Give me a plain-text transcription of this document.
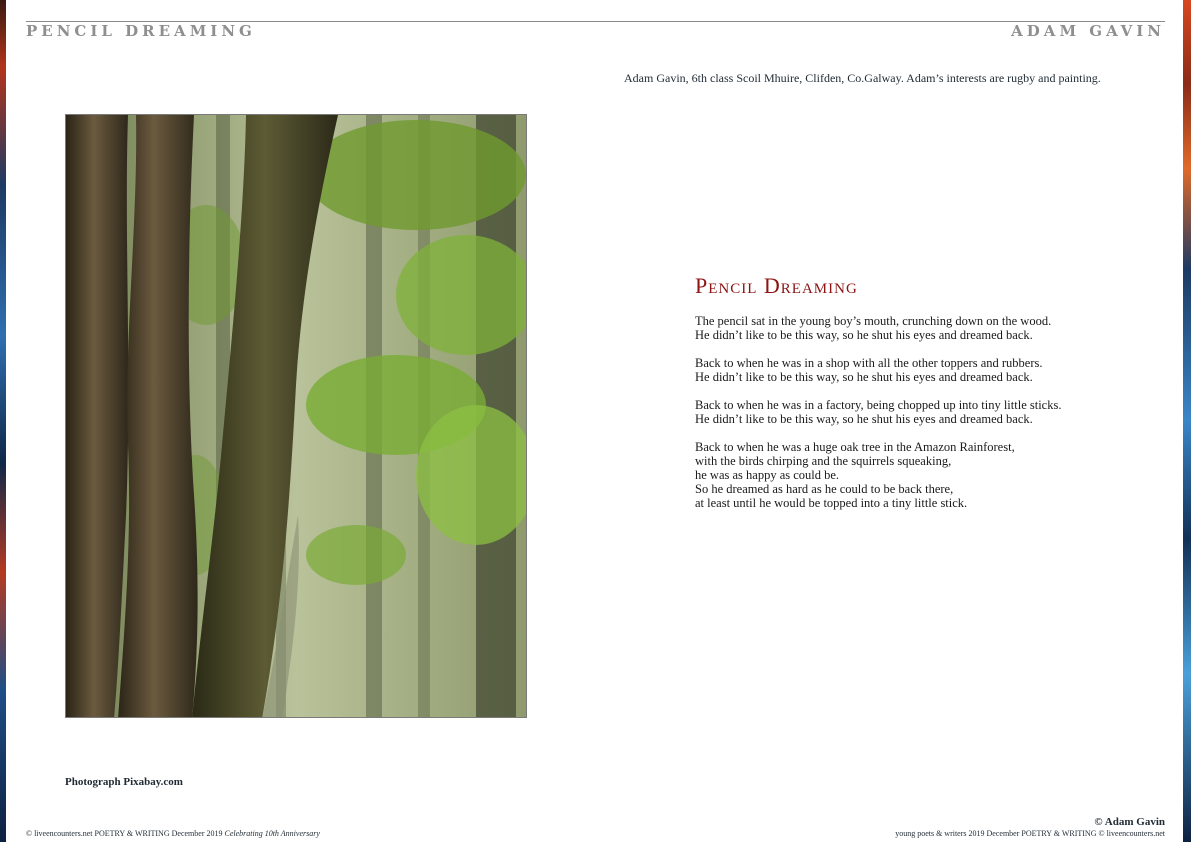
PENCIL DREAMING	ADAM GAVIN
Adam Gavin, 6th class Scoil Mhuire, Clifden, Co.Galway. Adam’s interests are rugby and painting.
Photograph Pixabay.com
Pencil Dreaming
The pencil sat in the young boy’s mouth, crunching down on the wood.
He didn’t like to be this way, so he shut his eyes and dreamed back.
Back to when he was in a shop with all the other toppers and rubbers.
He didn’t like to be this way, so he shut his eyes and dreamed back.
Back to when he was in a factory, being chopped up into tiny little sticks.
He didn’t like to be this way, so he shut his eyes and dreamed back.
Back to when he was a huge oak tree in the Amazon Rainforest,
with the birds chirping and the squirrels squeaking,
he was as happy as could be.
So he dreamed as hard as he could to be back there,
at least until he would be topped into a tiny little stick.
© Adam Gavin
© liveencounters.net POETRY & WRITING December 2019 Celebrating 10th Anniversary	young poets & writers 2019 December POETRY & WRITING © liveencounters.net
